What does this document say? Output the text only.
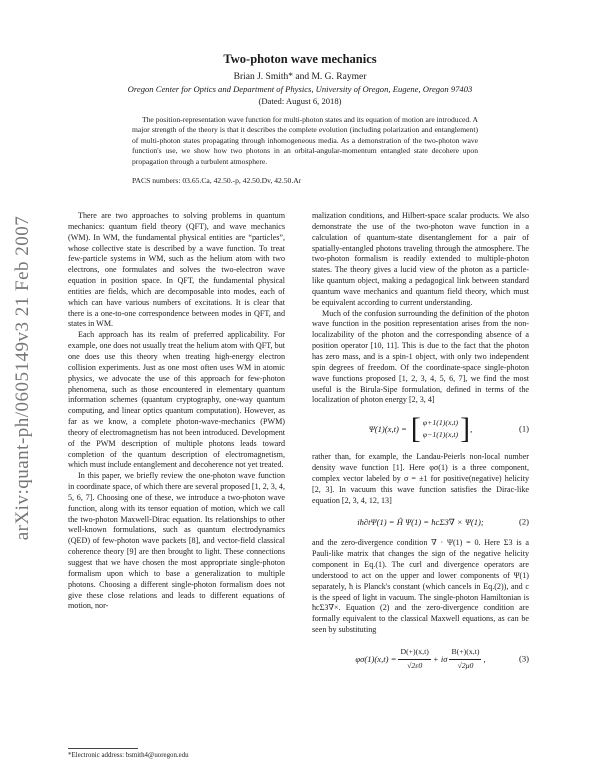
arXiv:quant-ph/0605149v3 21 Feb 2007
Two-photon wave mechanics
Brian J. Smith* and M. G. Raymer
Oregon Center for Optics and Department of Physics, University of Oregon, Eugene, Oregon 97403
(Dated: August 6, 2018)
The position-representation wave function for multi-photon states and its equation of motion are introduced. A major strength of the theory is that it describes the complete evolution (including polarization and entanglement) of multi-photon states propagating through inhomogeneous media. As a demonstration of the two-photon wave function's use, we show how two photons in an orbital-angular-momentum entangled state decohere upon propagation through a turbulent atmosphere.
PACS numbers: 03.65.Ca, 42.50.-p, 42.50.Dv, 42.50.Ar

There are two approaches to solving problems in quantum mechanics: quantum field theory (QFT), and wave mechanics (WM). In WM, the fundamental physical entities are “particles”, whose collective state is described by a wave function. To treat few-particle systems in WM, such as the helium atom with two electrons, one formulates and solves the two-electron wave equation in position space. In QFT, the fundamental physical entities are fields, which are decomposable into modes, each of which can have various numbers of excitations. It is clear that there is a one-to-one correspondence between modes in QFT, and states in WM.

Each approach has its realm of preferred applicability. For example, one does not usually treat the helium atom with QFT, but one does use this theory when treating high-energy electron collision experiments. Just as one most often uses WM in atomic physics, we advocate the use of this approach for few-photon phenomena, such as those encountered in elementary quantum information schemes (quantum cryptography, one-way quantum computing, and linear optics quantum computation). However, as far as we know, a complete photon-wave-mechanics (PWM) theory of electromagnetism has not been introduced. Development of the PWM description of multiple photons leads toward completion of the quantum description of electromagnetism, which must include entanglement and decoherence not yet treated.

In this paper, we briefly review the one-photon wave function in coordinate space, of which there are several proposed [1, 2, 3, 4, 5, 6, 7]. Choosing one of these, we introduce a two-photon wave function, along with its tensor equation of motion, which we call the two-photon Maxwell-Dirac equation. Its relationships to other well-known formulations, such as quantum electrodynamics (QED) of few-photon wave packets [8], and vector-field classical coherence theory [9] are then brought to light. These connections suggest that we have chosen the most appropriate single-photon formalism upon which to base a generalization to multiple photons. Choosing a different single-photon formalism does not give these close relations and leads to different equations of motion, nor-

malization conditions, and Hilbert-space scalar products. We also demonstrate the use of the two-photon wave function in a calculation of quantum-state disentanglement for a pair of spatially-entangled photons traveling through the atmosphere. The two-photon formalism is readily extended to multiple-photon states. The theory gives a lucid view of the photon as a particle-like quantum object, making a pedagogical link between standard quantum wave mechanics and quantum field theory, which must be equivalent according to current understanding.

Much of the confusion surrounding the definition of the photon wave function in the position representation arises from the non-localizability of the photon and the corresponding absence of a position operator [10, 11]. This is due to the fact that the photon has zero mass, and is a spin-1 object, with only two independent spin degrees of freedom. Of the coordinate-space single-photon wave functions proposed [1, 2, 3, 4, 5, 6, 7], we find the most useful is the Birula-Sipe formulation, defined in terms of the localization of photon energy [2, 3, 4]

Ψ(1)(x,t) = [ φ+1(1)(x,t)
φ−1(1)(x,t) ] ,	(1)

rather than, for example, the Landau-Peierls non-local number density wave function [1]. Here φσ(1) is a three component, complex vector labeled by σ = ±1 for positive(negative) helicity [2, 3]. In vacuum this wave function satisfies the Dirac-like equation [2, 3, 4, 12, 13]

iħ∂tΨ(1) = Ĥ Ψ(1) = ħcΣ3∇ × Ψ(1);	(2)

and the zero-divergence condition ∇ · Ψ(1) = 0. Here Σ3 is a Pauli-like matrix that changes the sign of the negative helicity component in Eq.(1). The curl and divergence operators are understood to act on the upper and lower components of Ψ(1) separately, ħ is Planck's constant (which cancels in Eq.(2)), and c is the speed of light in vacuum. The single-photon Hamiltonian is ħcΣ3∇×. Equation (2) and the zero-divergence condition are formally equivalent to the classical Maxwell equations, as can be seen by substituting

$\varphi\sigma(1)(x,t) = \frac{D(+)(x,t)}{√2\varepsilon 0} + i\sigma \frac{B(+)(x,t)}{√2\mu 0}$ ,	(3)
*Electronic address: bsmith4@uoregon.edu
